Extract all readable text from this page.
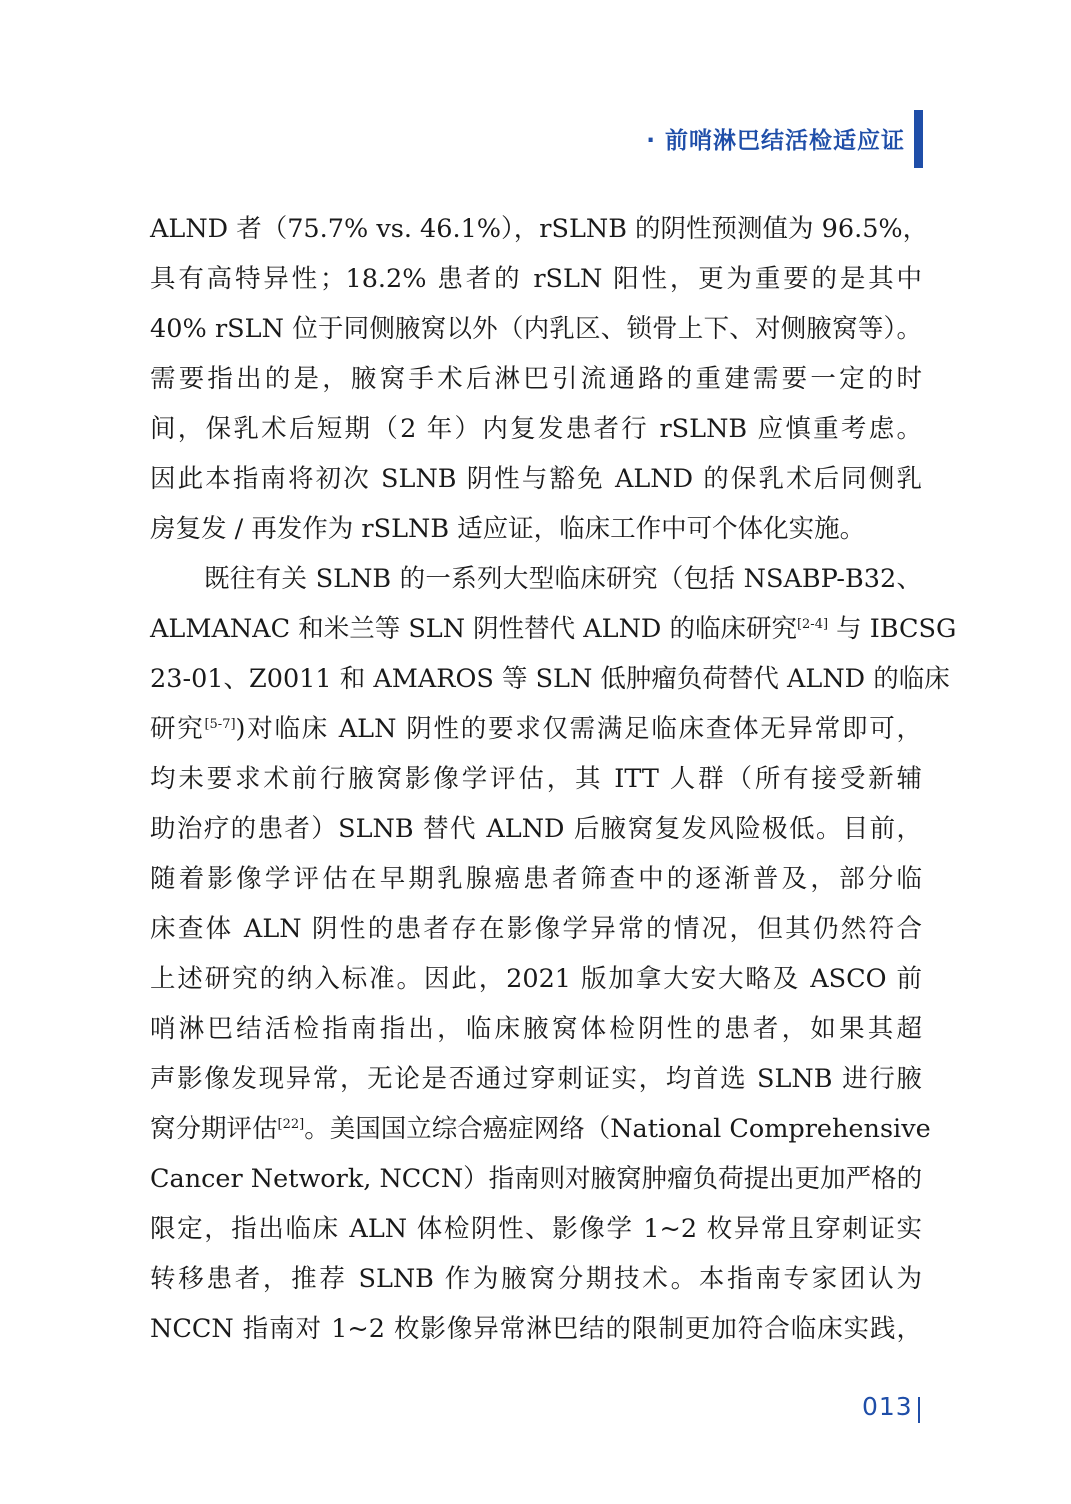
· 前哨淋巴结活检适应证
ALND 者（75.7% vs. 46.1%），rSLNB 的阴性预测值为 96.5%，
具有高特异性；18.2% 患者的 rSLN 阳性，更为重要的是其中
40% rSLN 位于同侧腋窝以外（内乳区、锁骨上下、对侧腋窝等）。
需要指出的是，腋窝手术后淋巴引流通路的重建需要一定的时
间，保乳术后短期（2 年）内复发患者行 rSLNB 应慎重考虑。
因此本指南将初次 SLNB 阴性与豁免 ALND 的保乳术后同侧乳
房复发 / 再发作为 rSLNB 适应证，临床工作中可个体化实施。
既往有关 SLNB 的一系列大型临床研究（包括 NSABP-B32、
ALMANAC 和米兰等 SLN 阴性替代 ALND 的临床研究[2-4] 与 IBCSG
23-01、Z0011 和 AMAROS 等 SLN 低肿瘤负荷替代 ALND 的临床
研究[5-7])对临床 ALN 阴性的要求仅需满足临床查体无异常即可，
均未要求术前行腋窝影像学评估，其 ITT 人群（所有接受新辅
助治疗的患者）SLNB 替代 ALND 后腋窝复发风险极低。目前，
随着影像学评估在早期乳腺癌患者筛查中的逐渐普及，部分临
床查体 ALN 阴性的患者存在影像学异常的情况，但其仍然符合
上述研究的纳入标准。因此，2021 版加拿大安大略及 ASCO 前
哨淋巴结活检指南指出，临床腋窝体检阴性的患者，如果其超
声影像发现异常，无论是否通过穿刺证实，均首选 SLNB 进行腋
窝分期评估[22]。美国国立综合癌症网络（National Comprehensive
Cancer Network, NCCN）指南则对腋窝肿瘤负荷提出更加严格的
限定，指出临床 ALN 体检阴性、影像学 1~2 枚异常且穿刺证实
转移患者，推荐 SLNB 作为腋窝分期技术。本指南专家团认为
NCCN 指南对 1~2 枚影像异常淋巴结的限制更加符合临床实践，
013
